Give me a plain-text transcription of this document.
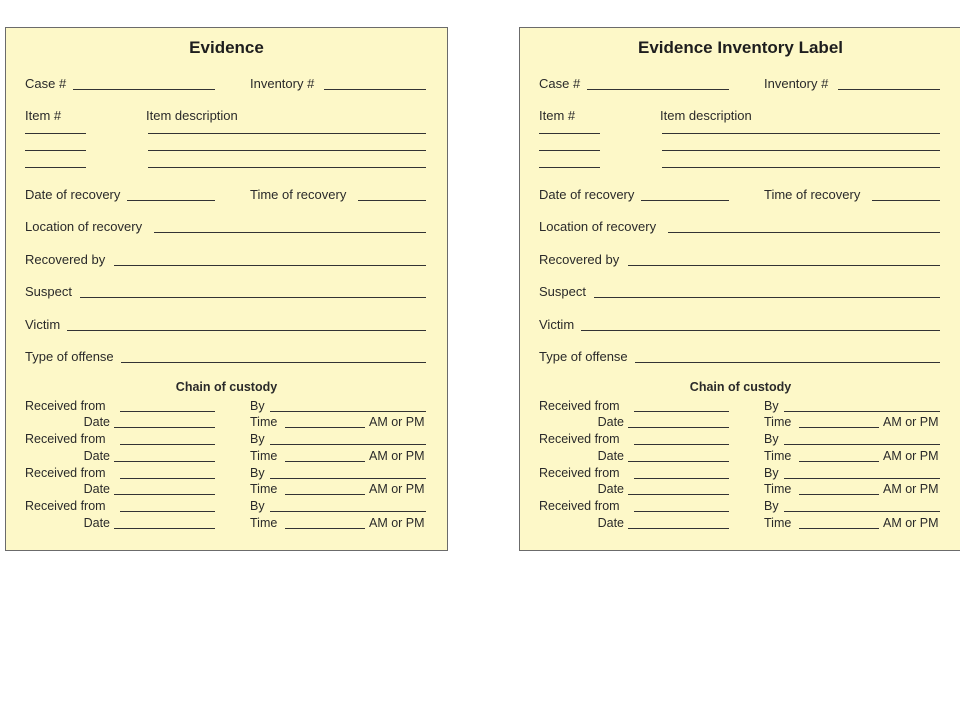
Evidence
Case #	Inventory #
Item #	Item description
Date of recovery	Time of recovery
Location of recovery
Recovered by
Suspect
Victim
Type of offense
Chain of custody
Received from	By
Date	Time	AM or PM
Received from	By
Date	Time	AM or PM
Received from	By
Date	Time	AM or PM
Received from	By
Date	Time	AM or PM
Evidence Inventory Label
Case #	Inventory #
Item #	Item description
Date of recovery	Time of recovery
Location of recovery
Recovered by
Suspect
Victim
Type of offense
Chain of custody
Received from	By
Date	Time	AM or PM
Received from	By
Date	Time	AM or PM
Received from	By
Date	Time	AM or PM
Received from	By
Date	Time	AM or PM
